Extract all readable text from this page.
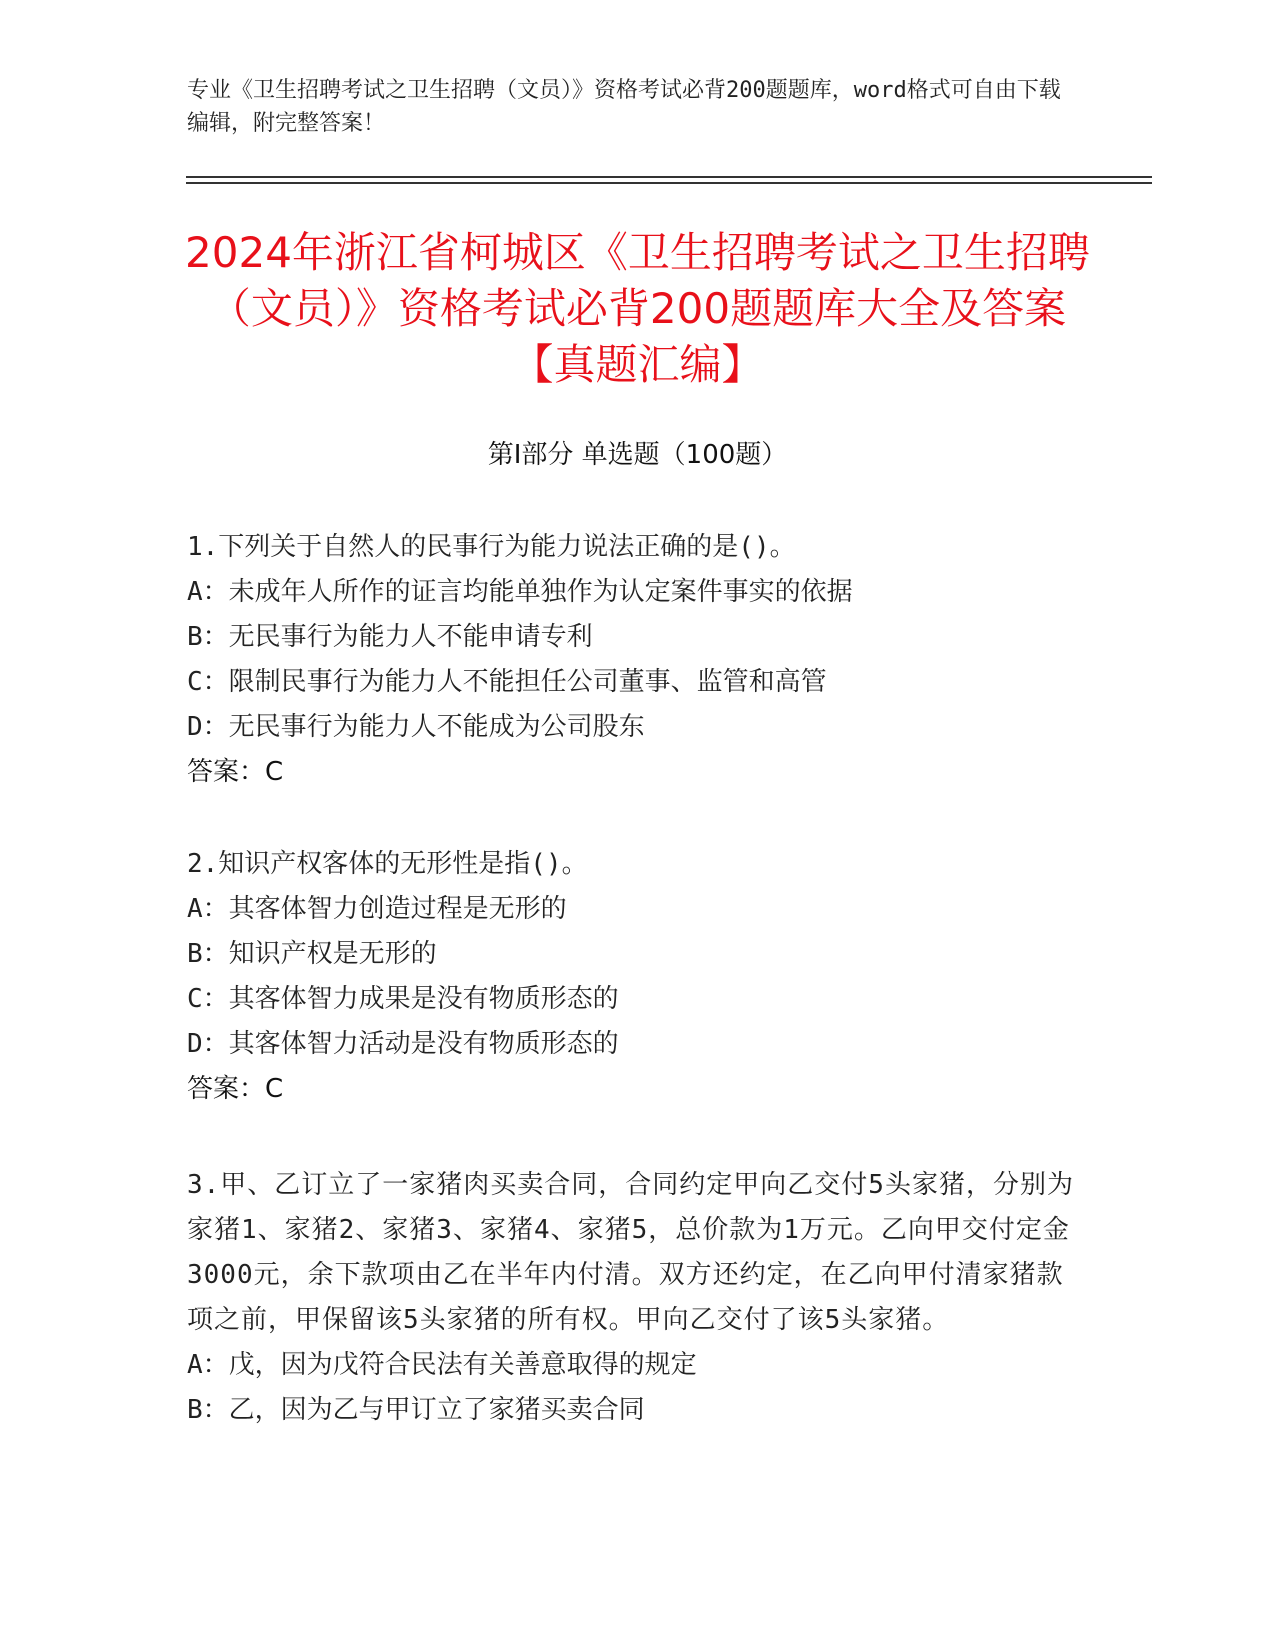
专业《卫生招聘考试之卫生招聘（文员）》资格考试必背200题题库，word格式可自由下载编辑，附完整答案！
2024年浙江省柯城区《卫生招聘考试之卫生招聘（文员）》资格考试必背200题题库大全及答案【真题汇编】
第I部分 单选题（100题）
1.下列关于自然人的民事行为能力说法正确的是()。
A：未成年人所作的证言均能单独作为认定案件事实的依据
B：无民事行为能力人不能申请专利
C：限制民事行为能力人不能担任公司董事、监管和高管
D：无民事行为能力人不能成为公司股东
答案：C
2.知识产权客体的无形性是指()。
A：其客体智力创造过程是无形的
B：知识产权是无形的
C：其客体智力成果是没有物质形态的
D：其客体智力活动是没有物质形态的
答案：C
3.甲、乙订立了一家猪肉买卖合同，合同约定甲向乙交付5头家猪，分别为家猪1、家猪2、家猪3、家猪4、家猪5，总价款为1万元。乙向甲交付定金3000元，余下款项由乙在半年内付清。双方还约定，在乙向甲付清家猪款项之前，甲保留该5头家猪的所有权。甲向乙交付了该5头家猪。
A：戊，因为戊符合民法有关善意取得的规定
B：乙，因为乙与甲订立了家猪买卖合同
